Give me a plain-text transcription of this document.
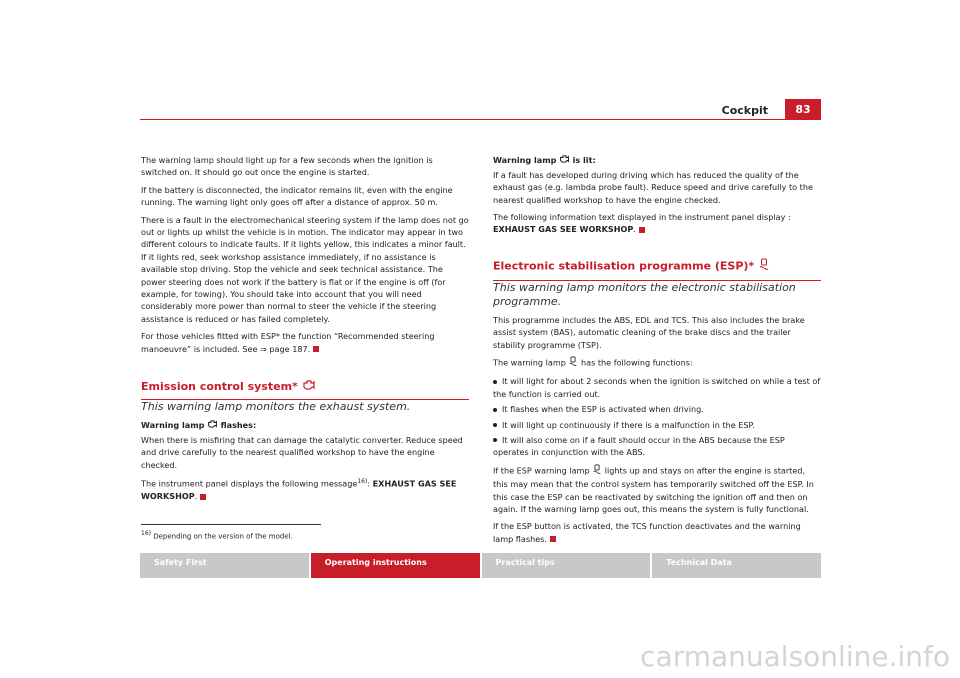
Cockpit	83

The warning lamp should light up for a few seconds when the ignition is switched on. It should go out once the engine is started.

If the battery is disconnected, the indicator remains lit, even with the engine running. The warning light only goes off after a distance of approx. 50 m.

There is a fault in the electromechanical steering system if the lamp does not go out or lights up whilst the vehicle is in motion. The indicator may appear in two different colours to indicate faults. If it lights yellow, this indicates a minor fault. If it lights red, seek workshop assistance immediately, if no assistance is available stop driving. Stop the vehicle and seek technical assistance. The power steering does not work if the battery is flat or if the engine is off (for example, for towing). You should take into account that you will need considerably more power than normal to steer the vehicle if the steering assistance is reduced or has failed completely.

For those vehicles fitted with ESP* the function “Recommended steering manoeuvre” is included. See ⇒ page 187.

Emission control system*

This warning lamp monitors the exhaust system.

Warning lamp flashes:

When there is misfiring that can damage the catalytic converter. Reduce speed and drive carefully to the nearest qualified workshop to have the engine checked.

The instrument panel displays the following message$^{16)}$: EXHAUST GAS SEE WORKSHOP.

Warning lamp is lit:

If a fault has developed during driving which has reduced the quality of the exhaust gas (e.g. lambda probe fault). Reduce speed and drive carefully to the nearest qualified workshop to have the engine checked.

The following information text displayed in the instrument panel display :
EXHAUST GAS SEE WORKSHOP.

Electronic stabilisation programme (ESP)*

This warning lamp monitors the electronic stabilisation programme.

This programme includes the ABS, EDL and TCS. This also includes the brake assist system (BAS), automatic cleaning of the brake discs and the trailer stability programme (TSP).

The warning lamp has the following functions:

It will light for about 2 seconds when the ignition is switched on while a test of the function is carried out.
It flashes when the ESP is activated when driving.
It will light up continuously if there is a malfunction in the ESP.
It will also come on if a fault should occur in the ABS because the ESP operates in conjunction with the ABS.

If the ESP warning lamp lights up and stays on after the engine is started, this may mean that the control system has temporarily switched off the ESP. In this case the ESP can be reactivated by switching the ignition off and then on again. If the warning lamp goes out, this means the system is fully functional.

If the ESP button is activated, the TCS function deactivates and the warning lamp flashes.

$^{16)}$ Depending on the version of the model.
Safety First	Operating instructions	Practical tips	Technical Data
carmanualsonline.info
